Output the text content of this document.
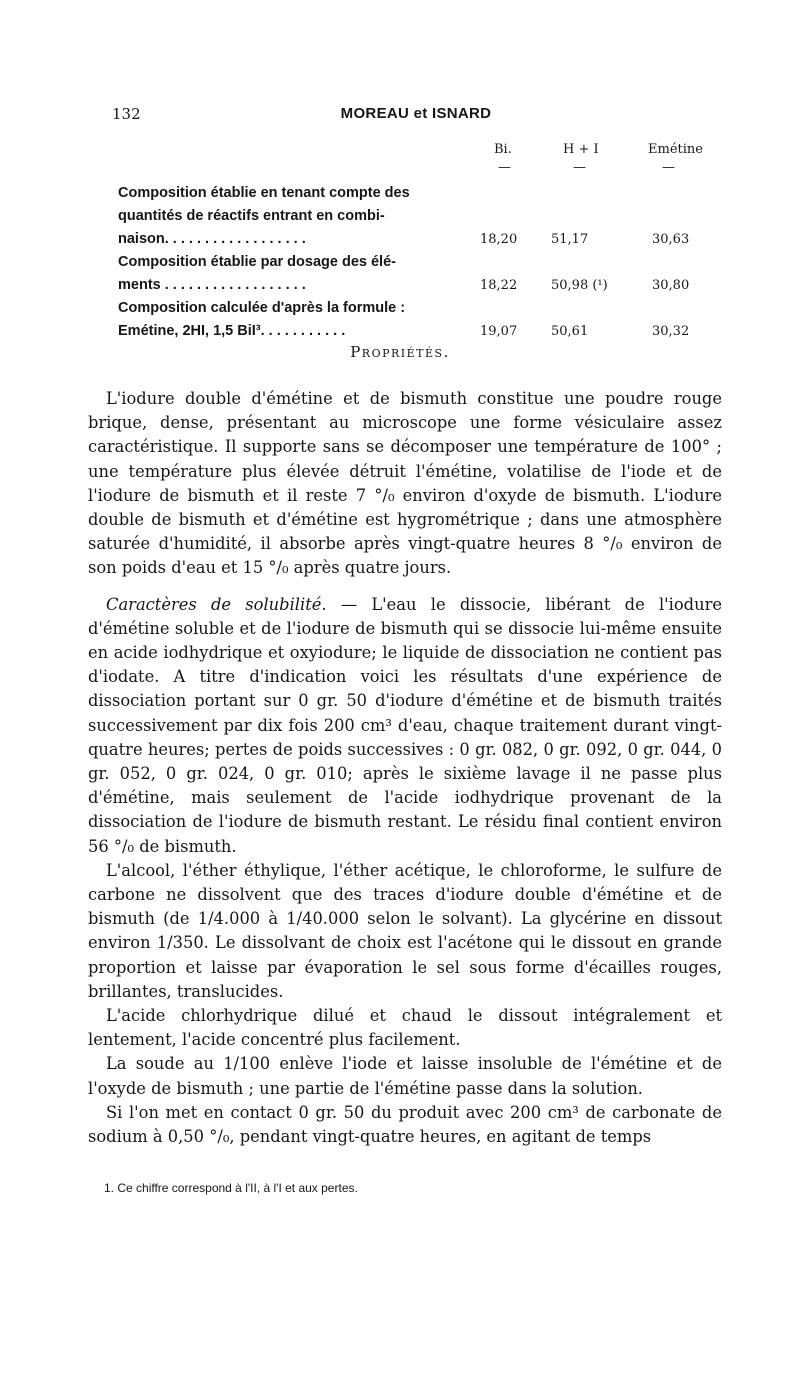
132	MOREAU et ISNARD
Bi.	H + I	Emétine
—	—	—
Composition établie en tenant compte des
quantités de réactifs entrant en combi-
naison. . . . . . . . . . . . . . . . . .	18,20	51,17	30,63
Composition établie par dosage des élé-
ments . . . . . . . . . . . . . . . . . .	18,22	50,98 (¹)	30,80
Composition calculée d'après la formule :
Emétine, 2HI, 1,5 BiI³. . . . . . . . . . .	19,07	50,61	30,32
Propriétés.

L'iodure double d'émétine et de bismuth constitue une poudre rouge brique, dense, présentant au microscope une forme vésiculaire assez caractéristique. Il supporte sans se décomposer une température de 100° ; une température plus élevée détruit l'émétine, volatilise de l'iode et de l'iodure de bismuth et il reste 7 °/₀ environ d'oxyde de bismuth. L'iodure double de bismuth et d'émétine est hygrométrique ; dans une atmosphère saturée d'humidité, il absorbe après vingt-quatre heures 8 °/₀ environ de son poids d'eau et 15 °/₀ après quatre jours.

Caractères de solubilité. — L'eau le dissocie, libérant de l'iodure d'émétine soluble et de l'iodure de bismuth qui se dissocie lui-même ensuite en acide iodhydrique et oxyiodure; le liquide de dissociation ne contient pas d'iodate. A titre d'indication voici les résultats d'une expérience de dissociation portant sur 0 gr. 50 d'iodure d'émétine et de bismuth traités successivement par dix fois 200 cm³ d'eau, chaque traitement durant vingt-quatre heures; pertes de poids successives : 0 gr. 082, 0 gr. 092, 0 gr. 044, 0 gr. 052, 0 gr. 024, 0 gr. 010; après le sixième lavage il ne passe plus d'émétine, mais seulement de l'acide iodhydrique provenant de la dissociation de l'iodure de bismuth restant. Le résidu final contient environ 56 °/₀ de bismuth.

L'alcool, l'éther éthylique, l'éther acétique, le chloroforme, le sulfure de carbone ne dissolvent que des traces d'iodure double d'émétine et de bismuth (de 1/4.000 à 1/40.000 selon le solvant). La glycérine en dissout environ 1/350. Le dissolvant de choix est l'acétone qui le dissout en grande proportion et laisse par évaporation le sel sous forme d'écailles rouges, brillantes, translucides.

L'acide chlorhydrique dilué et chaud le dissout intégralement et lentement, l'acide concentré plus facilement.

La soude au 1/100 enlève l'iode et laisse insoluble de l'émétine et de l'oxyde de bismuth ; une partie de l'émétine passe dans la solution.

Si l'on met en contact 0 gr. 50 du produit avec 200 cm³ de carbonate de sodium à 0,50 °/₀, pendant vingt-quatre heures, en agitant de temps

1. Ce chiffre correspond à l'II, à l'I et aux pertes.
